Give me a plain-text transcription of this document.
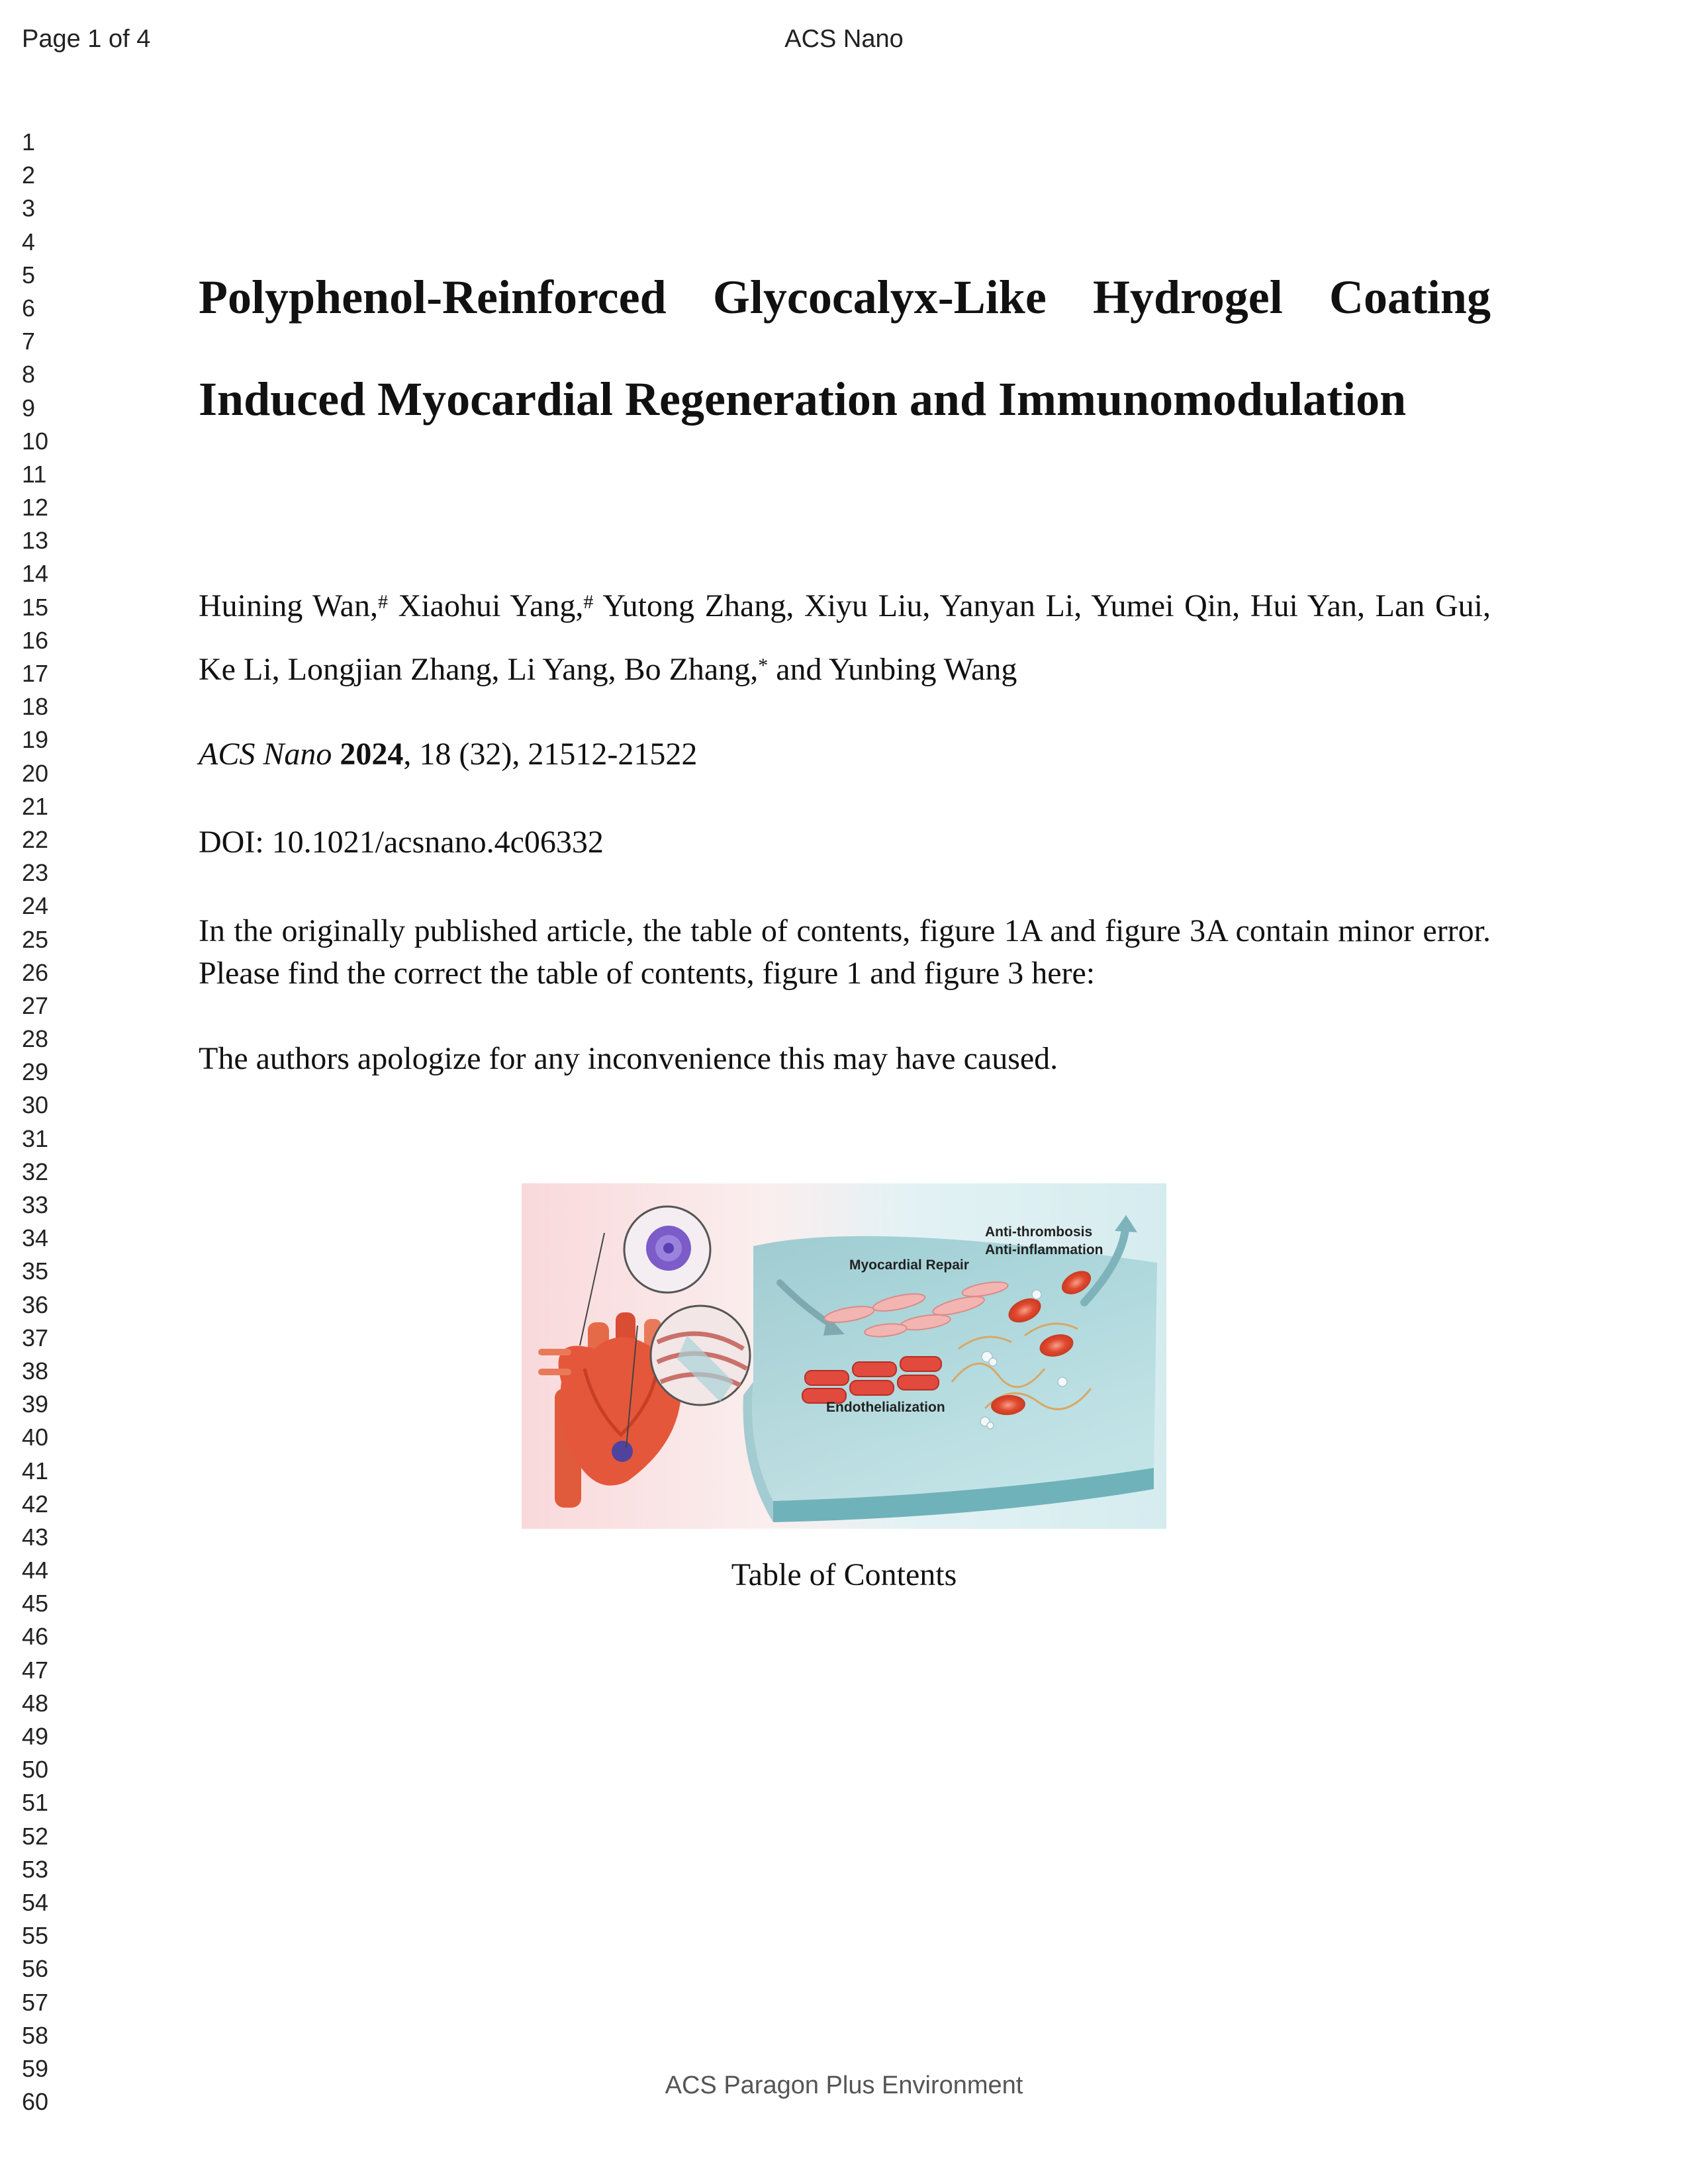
Page 1 of 4	ACS Nano
1
2
3
4
5
6
7
8
9
10
11
12
13
14
15
16
17
18
19
20
21
22
23
24
25
26
27
28
29
30
31
32
33
34
35
36
37
38
39
40
41
42
43
44
45
46
47
48
49
50
51
52
53
54
55
56
57
58
59
60
Polyphenol-Reinforced Glycocalyx-Like Hydrogel Coating
Induced Myocardial Regeneration and Immunomodulation
Huining Wan,# Xiaohui Yang,# Yutong Zhang, Xiyu Liu, Yanyan Li, Yumei Qin, Hui Yan, Lan Gui, Ke Li, Longjian Zhang, Li Yang, Bo Zhang,* and Yunbing Wang
ACS Nano 2024, 18 (32), 21512-21522
DOI: 10.1021/acsnano.4c06332
In the originally published article, the table of contents, figure 1A and figure 3A contain minor error. Please find the correct the table of contents, figure 1 and figure 3 here:
The authors apologize for any inconvenience this may have caused.
Anti-thrombosis
Anti-inflammation
Myocardial Repair
Endothelialization
Table of Contents
ACS Paragon Plus Environment
